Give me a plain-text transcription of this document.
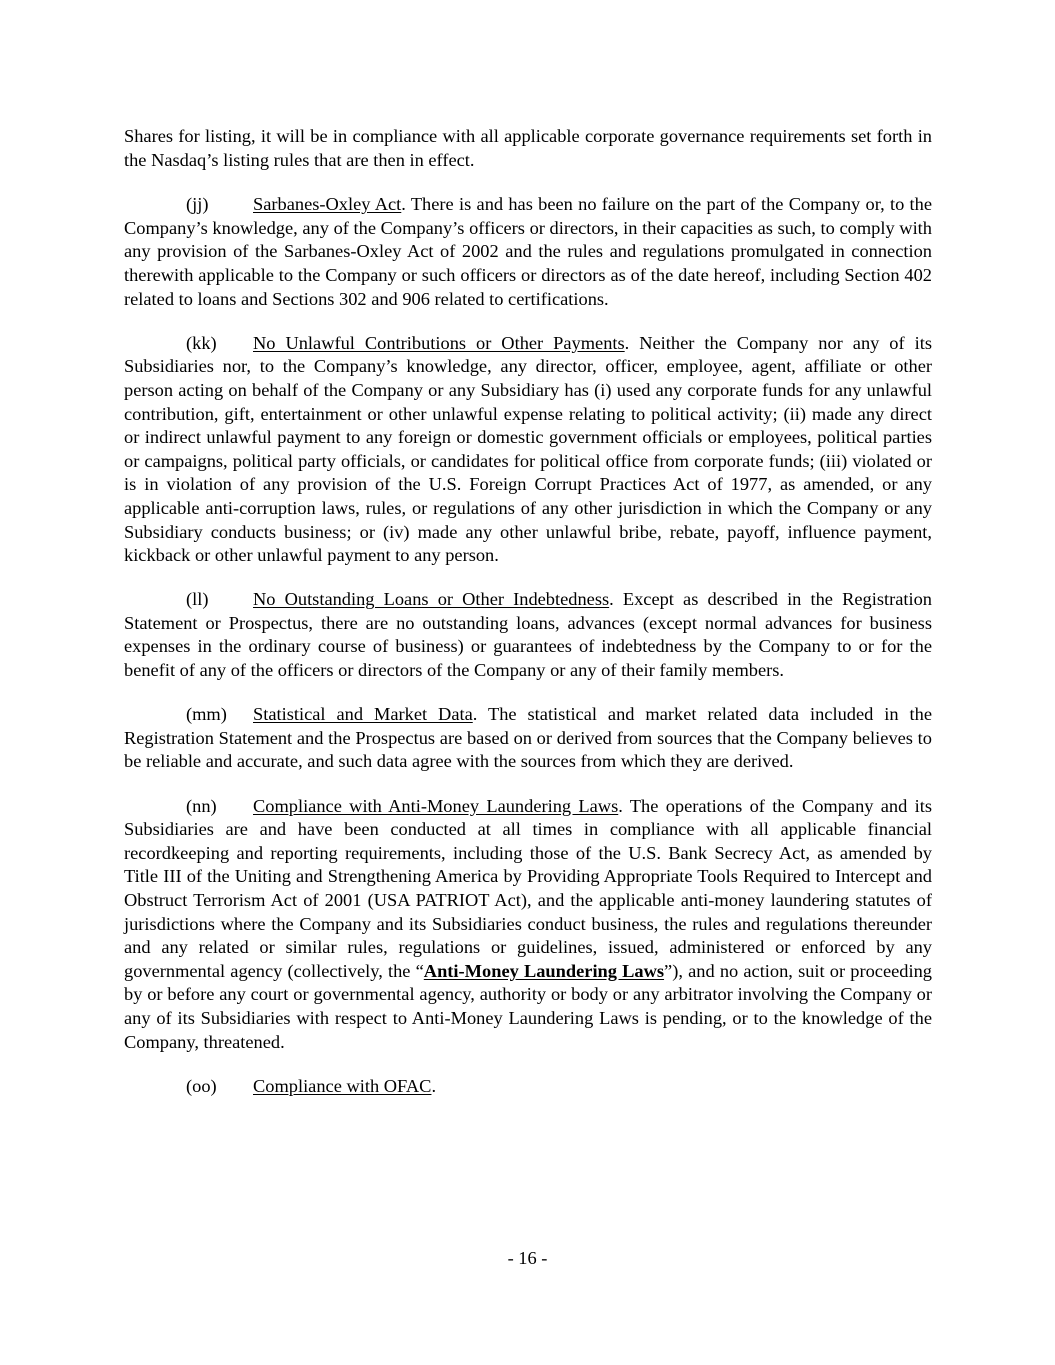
Shares for listing, it will be in compliance with all applicable corporate governance requirements set forth in the Nasdaq’s listing rules that are then in effect.

(jj) Sarbanes-Oxley Act. There is and has been no failure on the part of the Company or, to the Company’s knowledge, any of the Company’s officers or directors, in their capacities as such, to comply with any provision of the Sarbanes-Oxley Act of 2002 and the rules and regulations promulgated in connection therewith applicable to the Company or such officers or directors as of the date hereof, including Section 402 related to loans and Sections 302 and 906 related to certifications.

(kk) No Unlawful Contributions or Other Payments. Neither the Company nor any of its Subsidiaries nor, to the Company’s knowledge, any director, officer, employee, agent, affiliate or other person acting on behalf of the Company or any Subsidiary has (i) used any corporate funds for any unlawful contribution, gift, entertainment or other unlawful expense relating to political activity; (ii) made any direct or indirect unlawful payment to any foreign or domestic government officials or employees, political parties or campaigns, political party officials, or candidates for political office from corporate funds; (iii) violated or is in violation of any provision of the U.S. Foreign Corrupt Practices Act of 1977, as amended, or any applicable anti-corruption laws, rules, or regulations of any other jurisdiction in which the Company or any Subsidiary conducts business; or (iv) made any other unlawful bribe, rebate, payoff, influence payment, kickback or other unlawful payment to any person.

(ll) No Outstanding Loans or Other Indebtedness. Except as described in the Registration Statement or Prospectus, there are no outstanding loans, advances (except normal advances for business expenses in the ordinary course of business) or guarantees of indebtedness by the Company to or for the benefit of any of the officers or directors of the Company or any of their family members.

(mm) Statistical and Market Data. The statistical and market related data included in the Registration Statement and the Prospectus are based on or derived from sources that the Company believes to be reliable and accurate, and such data agree with the sources from which they are derived.

(nn) Compliance with Anti-Money Laundering Laws. The operations of the Company and its Subsidiaries are and have been conducted at all times in compliance with all applicable financial recordkeeping and reporting requirements, including those of the U.S. Bank Secrecy Act, as amended by Title III of the Uniting and Strengthening America by Providing Appropriate Tools Required to Intercept and Obstruct Terrorism Act of 2001 (USA PATRIOT Act), and the applicable anti-money laundering statutes of jurisdictions where the Company and its Subsidiaries conduct business, the rules and regulations thereunder and any related or similar rules, regulations or guidelines, issued, administered or enforced by any governmental agency (collectively, the “Anti-Money Laundering Laws”), and no action, suit or proceeding by or before any court or governmental agency, authority or body or any arbitrator involving the Company or any of its Subsidiaries with respect to Anti-Money Laundering Laws is pending, or to the knowledge of the Company, threatened.

(oo) Compliance with OFAC.

- 16 -
